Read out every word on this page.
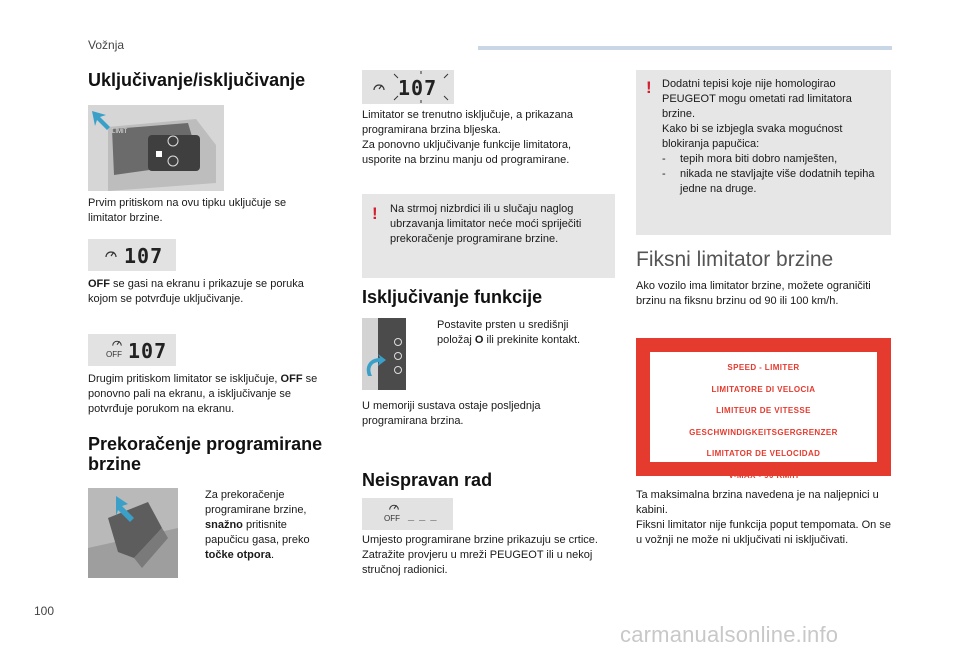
Vožnja
Uključivanje/isključivanje
LIMIT
Prvim pritiskom na ovu tipku uključuje se limitator brzine.
107
OFF se gasi na ekranu i prikazuje se poruka kojom se potvrđuje uključivanje.
OFF 107
Drugim pritiskom limitator se isključuje, OFF se ponovno pali na ekranu, a isključivanje se potvrđuje porukom na ekranu.
Prekoračenje programirane
brzine
Za prekoračenje programirane brzine, snažno pritisnite papučicu gasa, preko točke otpora.
107
Limitator se trenutno isključuje, a prikazana programirana brzina bljeska.
Za ponovno uključivanje funkcije limitatora, usporite na brzinu manju od programirane.
! Na strmoj nizbrdici ili u slučaju naglog ubrzavanja limitator neće moći spriječiti prekoračenje programirane brzine.
Isključivanje funkcije
Postavite prsten u središnji položaj O ili prekinite kontakt.
U memoriji sustava ostaje posljednja programirana brzina.
Neispravan rad
OFF _ _ _
Umjesto programirane brzine prikazuju se crtice.
Zatražite provjeru u mreži PEUGEOT ili u nekoj stručnoj radionici.
! Dodatni tepisi koje nije homologirao PEUGEOT mogu ometati rad limitatora brzine.
Kako bi se izbjegla svaka mogućnost blokiranja papučica:
- tepih mora biti dobro namješten,
- nikada ne stavljajte više dodatnih tepiha jedne na druge.
Fiksni limitator brzine
Ako vozilo ima limitator brzine, možete ograničiti brzinu na fiksnu brzinu od 90 ili 100 km/h.
SPEED - LIMITER
LIMITATORE DI VELOCIA
LIMITEUR DE VITESSE
GESCHWINDIGKEITSGERGRENZER
LIMITATOR DE VELOCIDAD
V-MAX - 90 KM/H
Ta maksimalna brzina navedena je na naljepnici u kabini.
Fiksni limitator nije funkcija poput tempomata. On se u vožnji ne može ni uključivati ni isključivati.
100
carmanualsonline.info
